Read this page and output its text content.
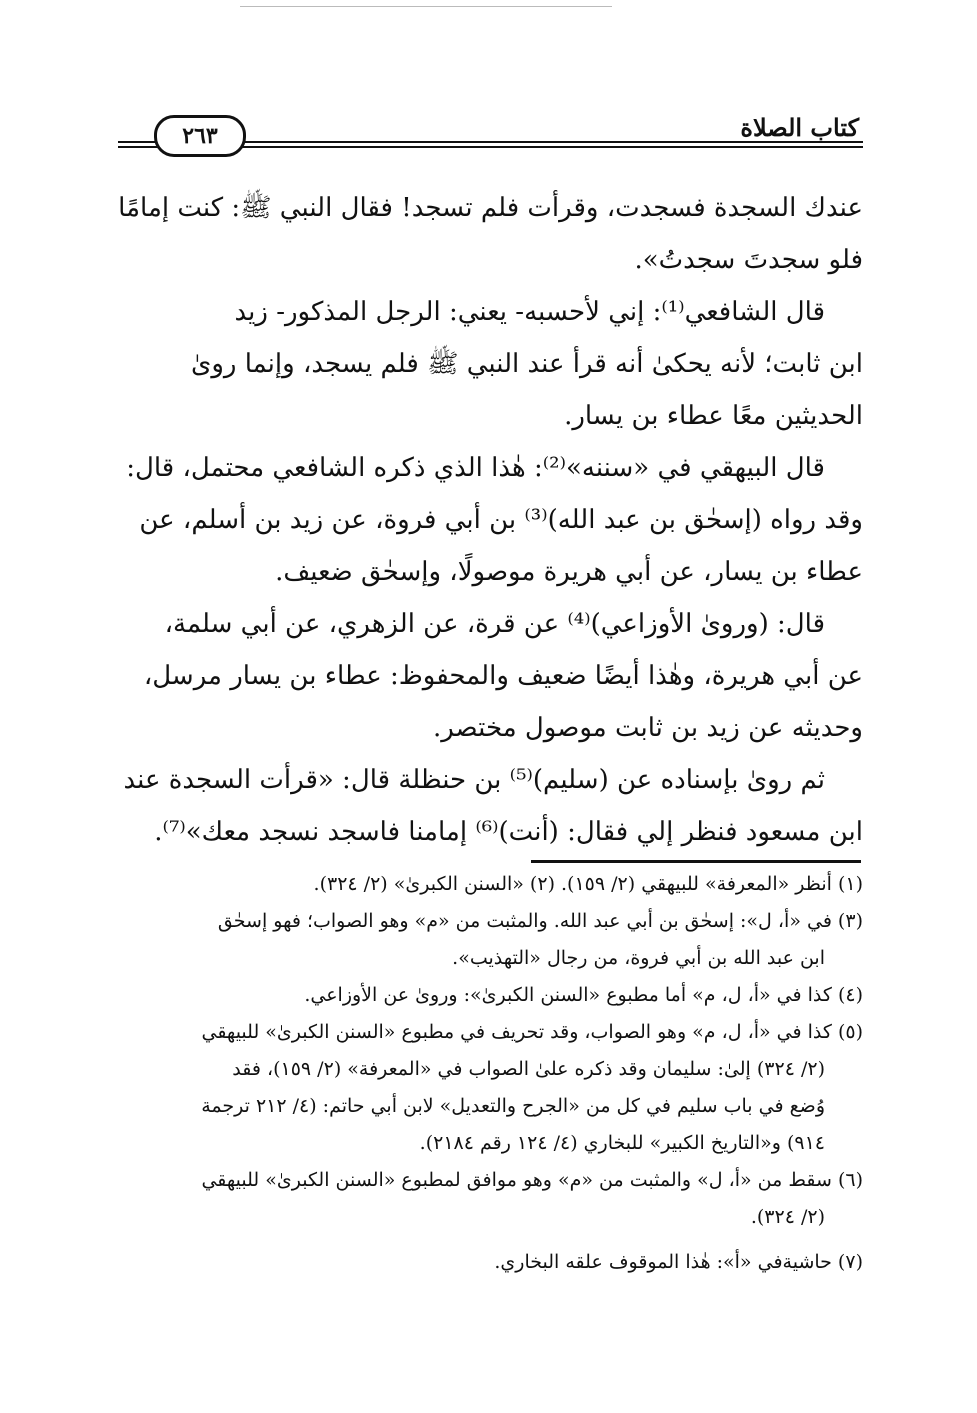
كتاب الصلاة
٢٦٣

عندك السجدة فسجدت، وقرأت فلم تسجد! فقال النبي ﷺ: كنت إمامًا

فلو سجدتَ سجدتُ».

قال الشافعي⁽¹⁾: إني لأحسبه- يعني: الرجل المذكور- زيد

ابن ثابت؛ لأنه يحكىٰ أنه قرأ عند النبي ﷺ فلم يسجد، وإنما روىٰ

الحديثين معًا عطاء بن يسار.

قال البيهقي في «سننه»⁽²⁾: هٰذا الذي ذكره الشافعي محتمل، قال:

وقد رواه (إسحٰق بن عبد الله)⁽³⁾ بن أبي فروة، عن زيد بن أسلم، عن

عطاء بن يسار، عن أبي هريرة موصولًا، وإسحٰق ضعيف.

قال: (وروىٰ الأوزاعي)⁽⁴⁾ عن قرة، عن الزهري، عن أبي سلمة،

عن أبي هريرة، وهٰذا أيضًا ضعيف والمحفوظ: عطاء بن يسار مرسل،

وحديثه عن زيد بن ثابت موصول مختصر.

ثم روىٰ بإسناده عن (سليم)⁽⁵⁾ بن حنظلة قال: «قرأت السجدة عند

ابن مسعود فنظر إلي فقال: (أنت)⁽⁶⁾ إمامنا فاسجد نسجد معك»⁽⁷⁾.

(١) أنظر «المعرفة» للبيهقي (٢/ ١٥٩). (٢) «السنن الكبرىٰ» (٢/ ٣٢٤).

(٣) في «أ، ل»: إسحٰق بن أبي عبد الله. والمثبت من «م» وهو الصواب؛ فهو إسحٰق

ابن عبد الله بن أبي فروة، من رجال «التهذيب».

(٤) كذا في «أ، ل، م» أما مطبوع «السنن الكبرىٰ»: وروىٰ عن الأوزاعي.

(٥) كذا في «أ، ل، م» وهو الصواب، وقد تحريف في مطبوع «السنن الكبرىٰ» للبيهقي

(٢/ ٣٢٤) إلىٰ: سليمان وقد ذكره علىٰ الصواب في «المعرفة» (٢/ ١٥٩)، فقد

وُضع في باب سليم في كل من «الجرح والتعديل» لابن أبي حاتم: (٤/ ٢١٢ ترجمة

٩١٤) و«التاريخ الكبير» للبخاري (٤/ ١٢٤ رقم ٢١٨٤).

(٦) سقط من «أ، ل» والمثبت من «م» وهو موافق لمطبوع «السنن الكبرىٰ» للبيهقي

(٢/ ٣٢٤).

(٧) حاشيةفي «أ»: هٰذا الموقوف علقه البخاري.
